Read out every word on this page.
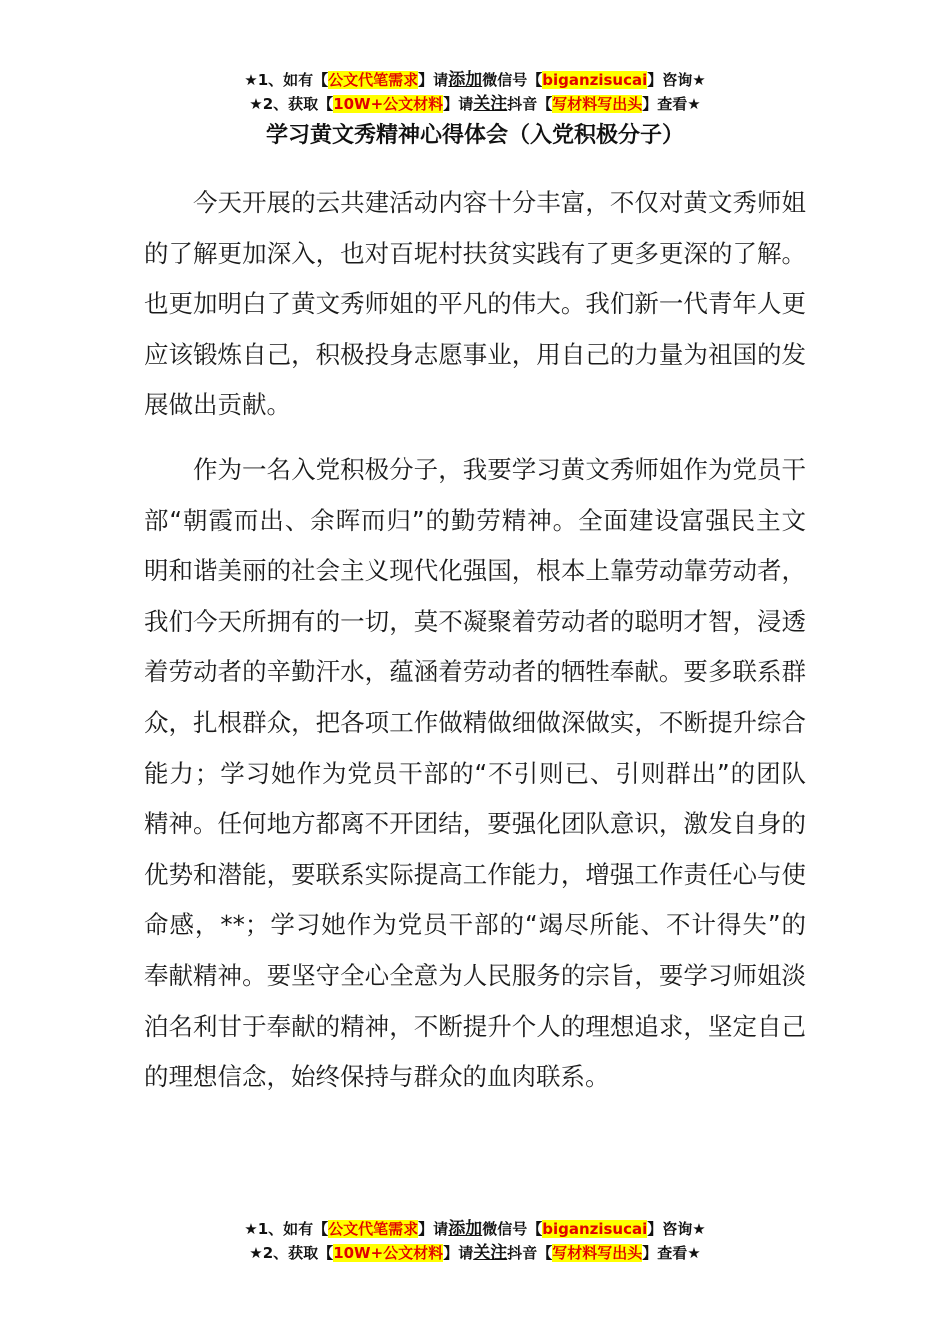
★1、如有【公文代笔需求】请添加微信号【biganzisucai】咨询★
★2、获取【10W+公文材料】请关注抖音【写材料写出头】查看★
学习黄文秀精神心得体会（入党积极分子）

今天开展的云共建活动内容十分丰富，不仅对黄文秀师姐的了解更加深入，也对百坭村扶贫实践有了更多更深的了解。也更加明白了黄文秀师姐的平凡的伟大。我们新一代青年人更应该锻炼自己，积极投身志愿事业，用自己的力量为祖国的发展做出贡献。

作为一名入党积极分子，我要学习黄文秀师姐作为党员干部“朝霞而出、余晖而归”的勤劳精神。全面建设富强民主文明和谐美丽的社会主义现代化强国，根本上靠劳动靠劳动者，我们今天所拥有的一切，莫不凝聚着劳动者的聪明才智，浸透着劳动者的辛勤汗水，蕴涵着劳动者的牺牲奉献。要多联系群众，扎根群众，把各项工作做精做细做深做实，不断提升综合能力；学习她作为党员干部的“不引则已、引则群出”的团队精神。任何地方都离不开团结，要强化团队意识，激发自身的优势和潜能，要联系实际提高工作能力，增强工作责任心与使命感，**；学习她作为党员干部的“竭尽所能、不计得失”的奉献精神。要坚守全心全意为人民服务的宗旨，要学习师姐淡泊名利甘于奉献的精神，不断提升个人的理想追求，坚定自己的理想信念，始终保持与群众的血肉联系。

★1、如有【公文代笔需求】请添加微信号【biganzisucai】咨询★
★2、获取【10W+公文材料】请关注抖音【写材料写出头】查看★
